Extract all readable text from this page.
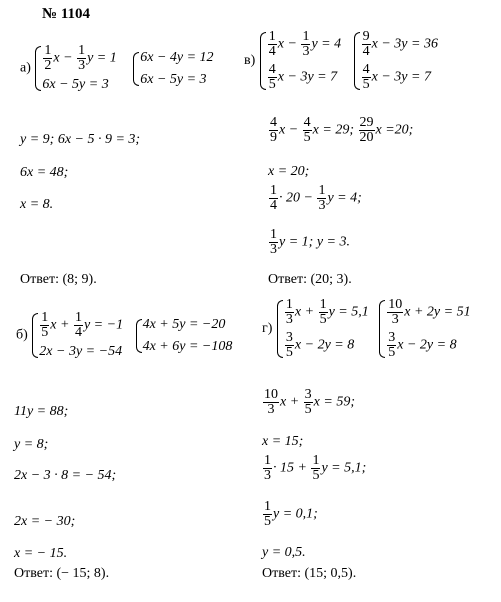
№ 1104
$а) \frac{1}{2}$ $x - \frac{1}{3}$ y = 1
6x − 5y = 3

6x − 4y = 12
6x − 5y = 3
y = 9; 6x − 5 · 9 = 3;
6x = 48;
x = 8.
Ответ: (8; 9).
в)
$\frac{1}{4}$ $x - \frac{1}{3}$ y = 4
$\frac{4}{5}$ x − 3y = 7

$\frac{9}{4}$ x − 3y = 36
$\frac{4}{5}$ x − 3y = 7
$\frac{4}{9}$ $x - \frac{4}{5}$ x = 29; $\frac{29}{20}$ x =20;
x = 20;
$\frac{1}{4} \cdot 20 - \frac{1}{3}$ y = 4;
$\frac{1}{3}$ y = 1; y = 3.
Ответ: (20; 3).
$б) \frac{1}{5}$ $x + \frac{1}{4}$ y = −1
2x − 3y = −54

4x + 5y = −20
4x + 6y = −108
11y = 88;
y = 8;
2x − 3 · 8 = − 54;
2x = − 30;
x = − 15.
Ответ: (− 15; 8).
г)
$\frac{1}{3}$ $x + \frac{1}{5}$ y = 5,1
$\frac{3}{5}$ x − 2y = 8

$\frac{10}{3}$ x + 2y = 51
$\frac{3}{5}$ x − 2y = 8
$\frac{10}{3}$ $x + \frac{3}{5}$ x = 59;
x = 15;
$\frac{1}{3} \cdot 15 + \frac{1}{5}$ y = 5,1;
$\frac{1}{5}$ y = 0,1;
y = 0,5.
Ответ: (15; 0,5).
